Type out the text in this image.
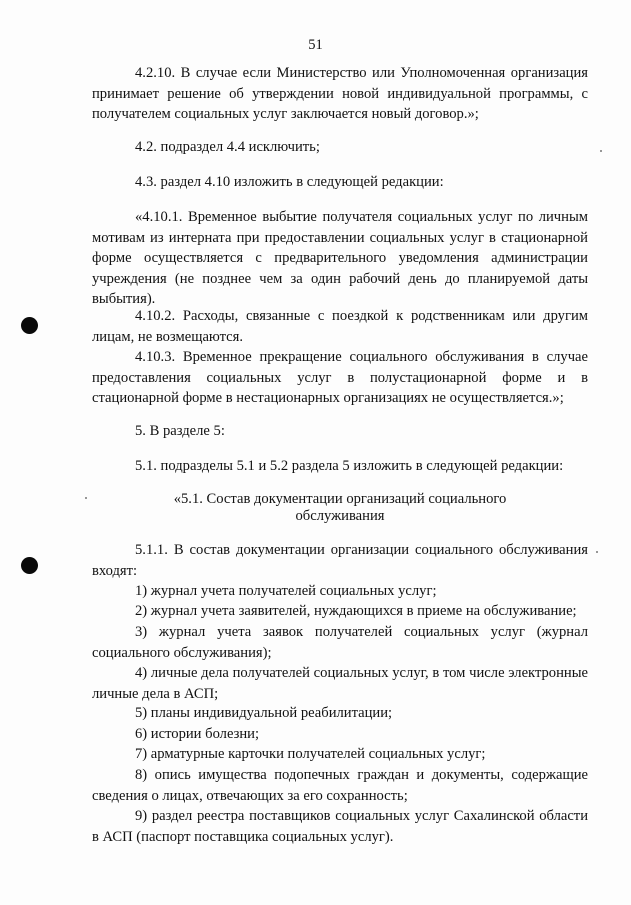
51

4.2.10. В случае если Министерство или Уполномоченная организация принимает решение об утверждении новой индивидуальной программы, с получателем социальных услуг заключается новый договор.»;

4.2. подраздел 4.4 исключить;

4.3. раздел 4.10 изложить в следующей редакции:

«4.10.1. Временное выбытие получателя социальных услуг по личным мотивам из интерната при предоставлении социальных услуг в стационарной форме осуществляется с предварительного уведомления администрации учреждения (не позднее чем за один рабочий день до планируемой даты выбытия).

4.10.2. Расходы, связанные с поездкой к родственникам или другим лицам, не возмещаются.

4.10.3. Временное прекращение социального обслуживания в случае предоставления социальных услуг в полустационарной форме и в стационарной форме в нестационарных организациях не осуществляется.»;

5. В разделе 5:

5.1. подразделы 5.1 и 5.2 раздела 5 изложить в следующей редакции:

«5.1. Состав документации организаций социального
обслуживания

5.1.1. В состав документации организации социального обслуживания входят:

1) журнал учета получателей социальных услуг;

2) журнал учета заявителей, нуждающихся в приеме на обслуживание;

3) журнал учета заявок получателей социальных услуг (журнал социального обслуживания);

4) личные дела получателей социальных услуг, в том числе электронные личные дела в АСП;

5) планы индивидуальной реабилитации;

6) истории болезни;

7) арматурные карточки получателей социальных услуг;

8) опись имущества подопечных граждан и документы, содержащие сведения о лицах, отвечающих за его сохранность;

9) раздел реестра поставщиков социальных услуг Сахалинской области в АСП (паспорт поставщика социальных услуг).
